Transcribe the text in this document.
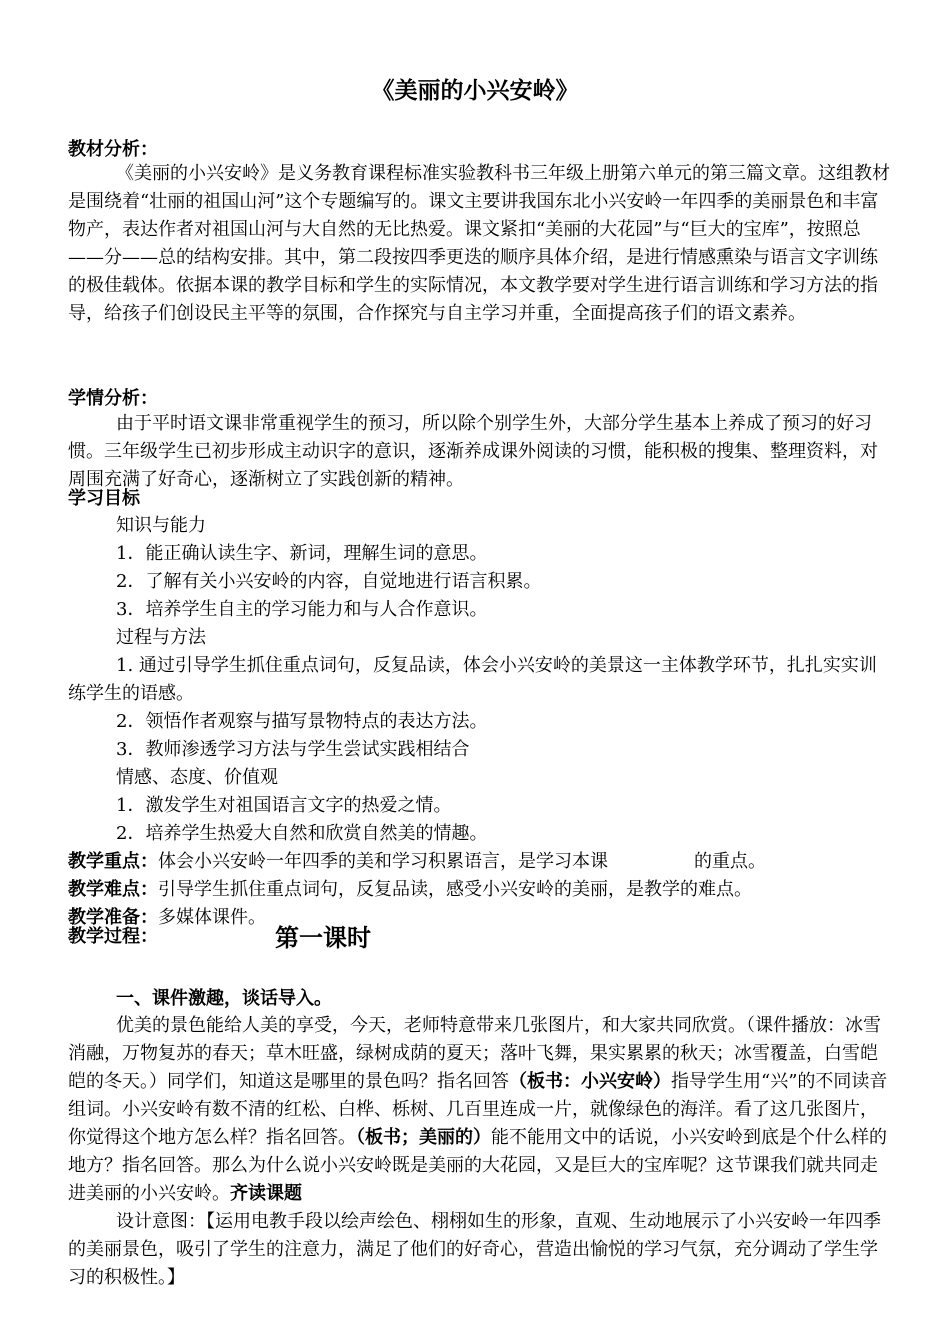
《美丽的小兴安岭》
教材分析：

《美丽的小兴安岭》是义务教育课程标准实验教科书三年级上册第六单元的第三篇文章。这组教材是围绕着“壮丽的祖国山河”这个专题编写的。课文主要讲我国东北小兴安岭一年四季的美丽景色和丰富物产，表达作者对祖国山河与大自然的无比热爱。课文紧扣“美丽的大花园”与“巨大的宝库”，按照总——分——总的结构安排。其中，第二段按四季更迭的顺序具体介绍，是进行情感熏染与语言文字训练的极佳载体。依据本课的教学目标和学生的实际情况，本文教学要对学生进行语言训练和学习方法的指导，给孩子们创设民主平等的氛围，合作探究与自主学习并重，全面提高孩子们的语文素养。

学情分析：

由于平时语文课非常重视学生的预习，所以除个别学生外，大部分学生基本上养成了预习的好习惯。三年级学生已初步形成主动识字的意识，逐渐养成课外阅读的习惯，能积极的搜集、整理资料，对周围充满了好奇心，逐渐树立了实践创新的精神。

学习目标

知识与能力

1．能正确认读生字、新词，理解生词的意思。

2．了解有关小兴安岭的内容，自觉地进行语言积累。

3．培养学生自主的学习能力和与人合作意识。

过程与方法

1. 通过引导学生抓住重点词句，反复品读，体会小兴安岭的美景这一主体教学环节，扎扎实实训练学生的语感。

2．领悟作者观察与描写景物特点的表达方法。

3．教师渗透学习方法与学生尝试实践相结合

情感、态度、价值观

1．激发学生对祖国语言文字的热爱之情。

2．培养学生热爱大自然和欣赏自然美的情趣。

教学重点：体会小兴安岭一年四季的美和学习积累语言，是学习本课	的重点。

教学难点：引导学生抓住重点词句，反复品读，感受小兴安岭的美丽，是教学的难点。

教学准备：多媒体课件。

教学过程：	第一课时
一、课件激趣，谈话导入。

优美的景色能给人美的享受，今天，老师特意带来几张图片，和大家共同欣赏。（课件播放：冰雪消融，万物复苏的春天；草木旺盛，绿树成荫的夏天；落叶飞舞，果实累累的秋天；冰雪覆盖，白雪皑皑的冬天。）同学们，知道这是哪里的景色吗？指名回答（板书：小兴安岭）指导学生用“兴”的不同读音组词。小兴安岭有数不清的红松、白桦、栎树、几百里连成一片，就像绿色的海洋。看了这几张图片，你觉得这个地方怎么样？指名回答。（板书；美丽的）能不能用文中的话说，小兴安岭到底是个什么样的地方？指名回答。那么为什么说小兴安岭既是美丽的大花园，又是巨大的宝库呢？这节课我们就共同走进美丽的小兴安岭。齐读课题

设计意图：【运用电教手段以绘声绘色、栩栩如生的形象，直观、生动地展示了小兴安岭一年四季的美丽景色，吸引了学生的注意力，满足了他们的好奇心，营造出愉悦的学习气氛，充分调动了学生学习的积极性。】
